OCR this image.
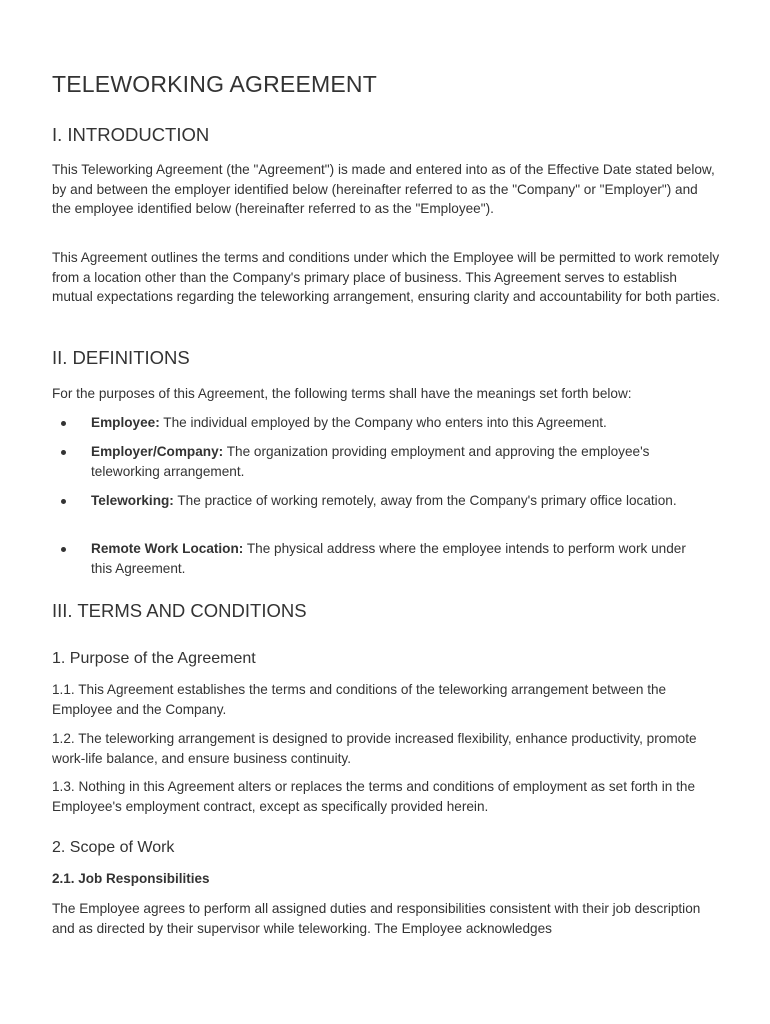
TELEWORKING AGREEMENT
I. INTRODUCTION

This Teleworking Agreement (the "Agreement") is made and entered into as of the Effective Date stated below, by and between the employer identified below (hereinafter referred to as the "Company" or "Employer") and the employee identified below (hereinafter referred to as the "Employee").

This Agreement outlines the terms and conditions under which the Employee will be permitted to work remotely from a location other than the Company's primary place of business. This Agreement serves to establish mutual expectations regarding the teleworking arrangement, ensuring clarity and accountability for both parties.

II. DEFINITIONS

For the purposes of this Agreement, the following terms shall have the meanings set forth below:

Employee: The individual employed by the Company who enters into this Agreement.
Employer/Company: The organization providing employment and approving the employee's teleworking arrangement.
Teleworking: The practice of working remotely, away from the Company's primary office location.
Remote Work Location: The physical address where the employee intends to perform work under this Agreement.
III. TERMS AND CONDITIONS
1. Purpose of the Agreement

1.1. This Agreement establishes the terms and conditions of the teleworking arrangement between the Employee and the Company.

1.2. The teleworking arrangement is designed to provide increased flexibility, enhance productivity, promote work-life balance, and ensure business continuity.

1.3. Nothing in this Agreement alters or replaces the terms and conditions of employment as set forth in the Employee's employment contract, except as specifically provided herein.

2. Scope of Work
2.1. Job Responsibilities

The Employee agrees to perform all assigned duties and responsibilities consistent with their job description and as directed by their supervisor while teleworking. The Employee acknowledges
